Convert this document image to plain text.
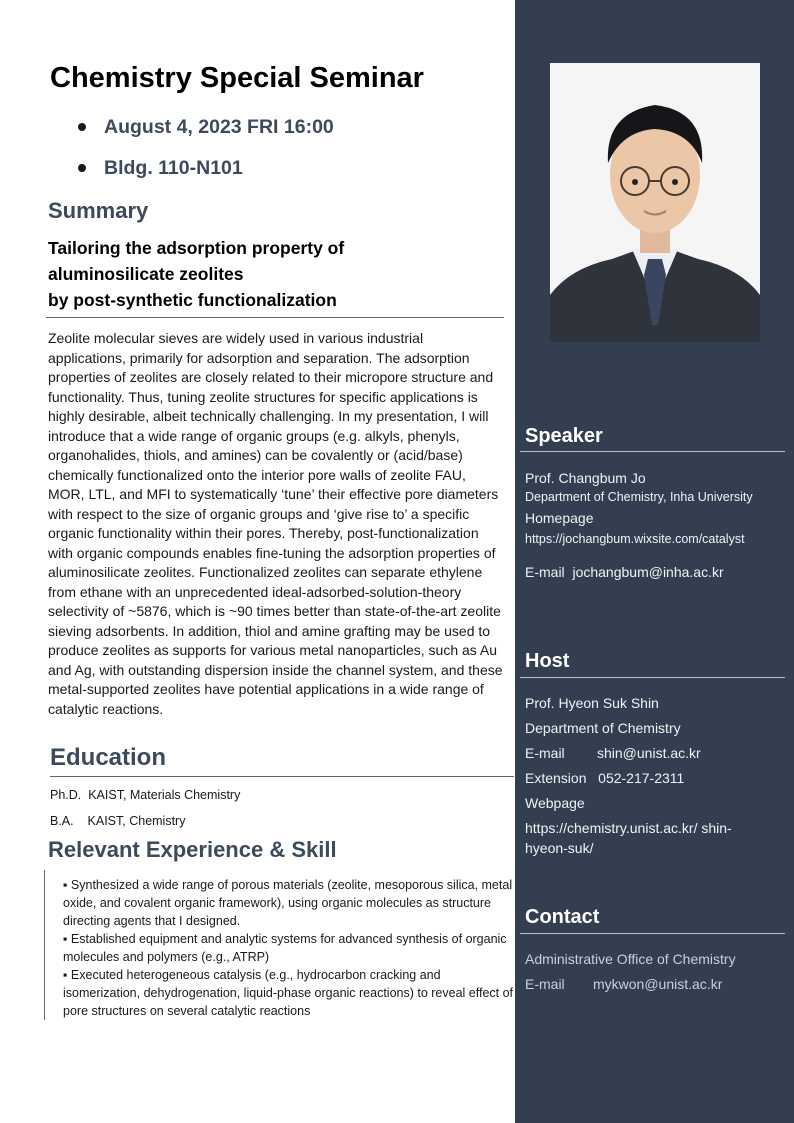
Chemistry Special Seminar
August 4, 2023 FRI 16:00
Bldg. 110-N101
Summary
Tailoring the adsorption property of
aluminosilicate zeolites
by post-synthetic functionalization

Zeolite molecular sieves are widely used in various industrial applications, primarily for adsorption and separation. The adsorption properties of zeolites are closely related to their micropore structure and functionality. Thus, tuning zeolite structures for specific applications is highly desirable, albeit technically challenging. In my presentation, I will introduce that a wide range of organic groups (e.g. alkyls, phenyls, organohalides, thiols, and amines) can be covalently or (acid/base) chemically functionalized onto the interior pore walls of zeolite FAU, MOR, LTL, and MFI to systematically ‘tune’ their effective pore diameters with respect to the size of organic groups and ‘give rise to’ a specific organic functionality within their pores. Thereby, post-functionalization with organic compounds enables fine-tuning the adsorption properties of aluminosilicate zeolites. Functionalized zeolites can separate ethylene from ethane with an unprecedented ideal-adsorbed-solution-theory selectivity of ~5876, which is ~90 times better than state-of-the-art zeolite sieving adsorbents. In addition, thiol and amine grafting may be used to produce zeolites as supports for various metal nanoparticles, such as Au and Ag, with outstanding dispersion inside the channel system, and these metal-supported zeolites have potential applications in a wide range of catalytic reactions.

Education
Ph.D. KAIST, Materials Chemistry
B.A. KAIST, Chemistry
Relevant Experience & Skill
▪ Synthesized a wide range of porous materials (zeolite, mesoporous silica, metal oxide, and covalent organic framework), using organic molecules as structure directing agents that I designed.
▪ Established equipment and analytic systems for advanced synthesis of organic molecules and polymers (e.g., ATRP)
▪ Executed heterogeneous catalysis (e.g., hydrocarbon cracking and isomerization, dehydrogenation, liquid-phase organic reactions) to reveal effect of pore structures on several catalytic reactions
Speaker
Prof. Changbum Jo
Department of Chemistry, Inha University
Homepage
https://jochangbum.wixsite.com/catalyst
E-mail jochangbum@inha.ac.kr
Host
Prof. Hyeon Suk Shin
Department of Chemistry
E-mail shin@unist.ac.kr
Extension 052-217-2311
Webpage
https://chemistry.unist.ac.kr/ shin-
hyeon-suk/
Contact
Administrative Office of Chemistry
E-mail mykwon@unist.ac.kr
